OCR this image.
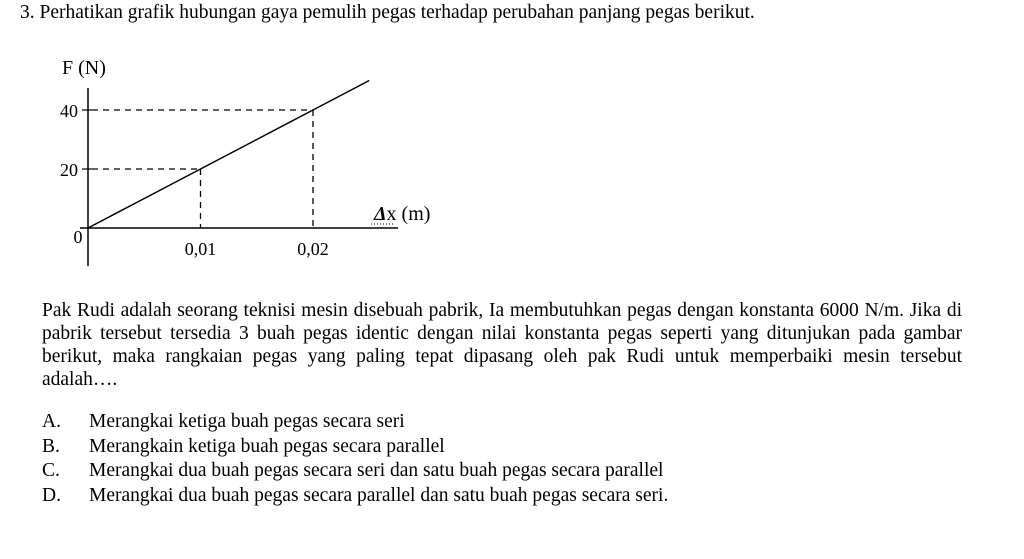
3. Perhatikan grafik hubungan gaya pemulih pegas terhadap perubahan panjang pegas berikut.
F (N)
Δx (m)
0
20
40
0,01	0,02

Pak Rudi adalah seorang teknisi mesin disebuah pabrik, Ia membutuhkan pegas dengan konstanta 6000 N/m. Jika di pabrik tersebut tersedia 3 buah pegas identic dengan nilai konstanta pegas seperti yang ditunjukan pada gambar berikut, maka rangkaian pegas yang paling tepat dipasang oleh pak Rudi untuk memperbaiki mesin tersebut adalah….

A.	Merangkai ketiga buah pegas secara seri
B.	Merangkain ketiga buah pegas secara parallel
C.	Merangkai dua buah pegas secara seri dan satu buah pegas secara parallel
D.	Merangkai dua buah pegas secara parallel dan satu buah pegas secara seri.
